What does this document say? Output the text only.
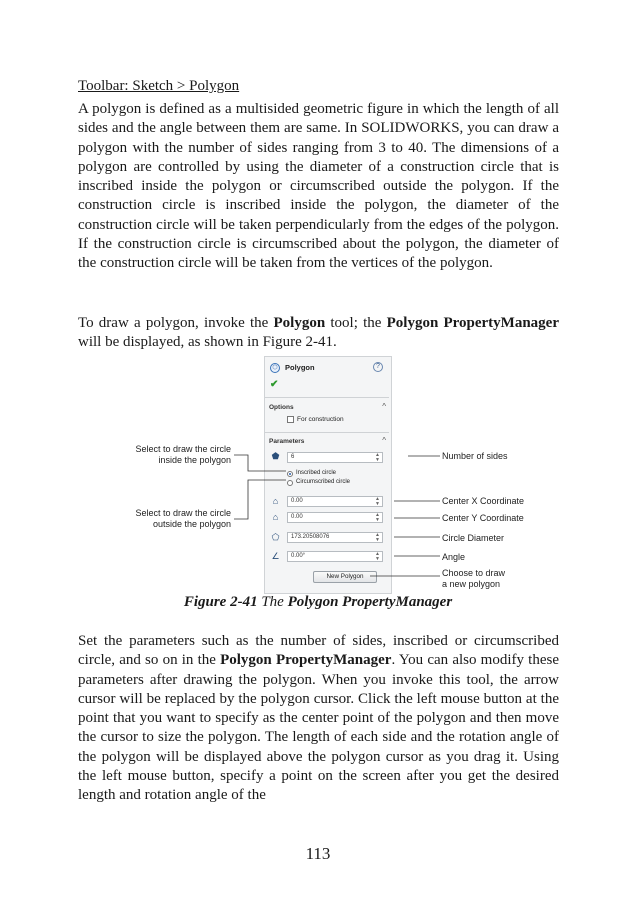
Toolbar: Sketch > Polygon

A polygon is defined as a multisided geometric figure in which the length of all sides and the angle between them are same. In SOLIDWORKS, you can draw a polygon with the number of sides ranging from 3 to 40. The dimensions of a polygon are controlled by using the diameter of a construction circle that is inscribed inside the polygon or circumscribed outside the polygon. If the construction circle is inscribed inside the polygon, the diameter of the construction circle will be taken perpendicularly from the edges of the polygon. If the construction circle is circumscribed about the polygon, the diameter of the construction circle will be taken from the vertices of the polygon.

To draw a polygon, invoke the Polygon tool; the Polygon PropertyManager will be displayed, as shown in Figure 2-41.

⬡ Polygon	?
✔
Options	^
For construction
Parameters	^
⬟	6	▲
▼
Inscribed circle
Circumscribed circle
⌂	0.00	▲
▼
⌂	0.00	▲
▼
⬠	173.20508076	▲
▼
∠	0.00°	▲
▼
New Polygon
Select to draw the circle
inside the polygon
Select to draw the circle
outside the polygon
Number of sides
Center X Coordinate
Center Y Coordinate
Circle Diameter
Angle
Choose to draw
a new polygon
Figure 2-41 The Polygon PropertyManager

Set the parameters such as the number of sides, inscribed or circumscribed circle, and so on in the Polygon PropertyManager. You can also modify these parameters after drawing the polygon. When you invoke this tool, the arrow cursor will be replaced by the polygon cursor. Click the left mouse button at the point that you want to specify as the center point of the polygon and then move the cursor to size the polygon. The length of each side and the rotation angle of the polygon will be displayed above the polygon cursor as you drag it. Using the left mouse button, specify a point on the screen after you get the desired length and rotation angle of the

113
